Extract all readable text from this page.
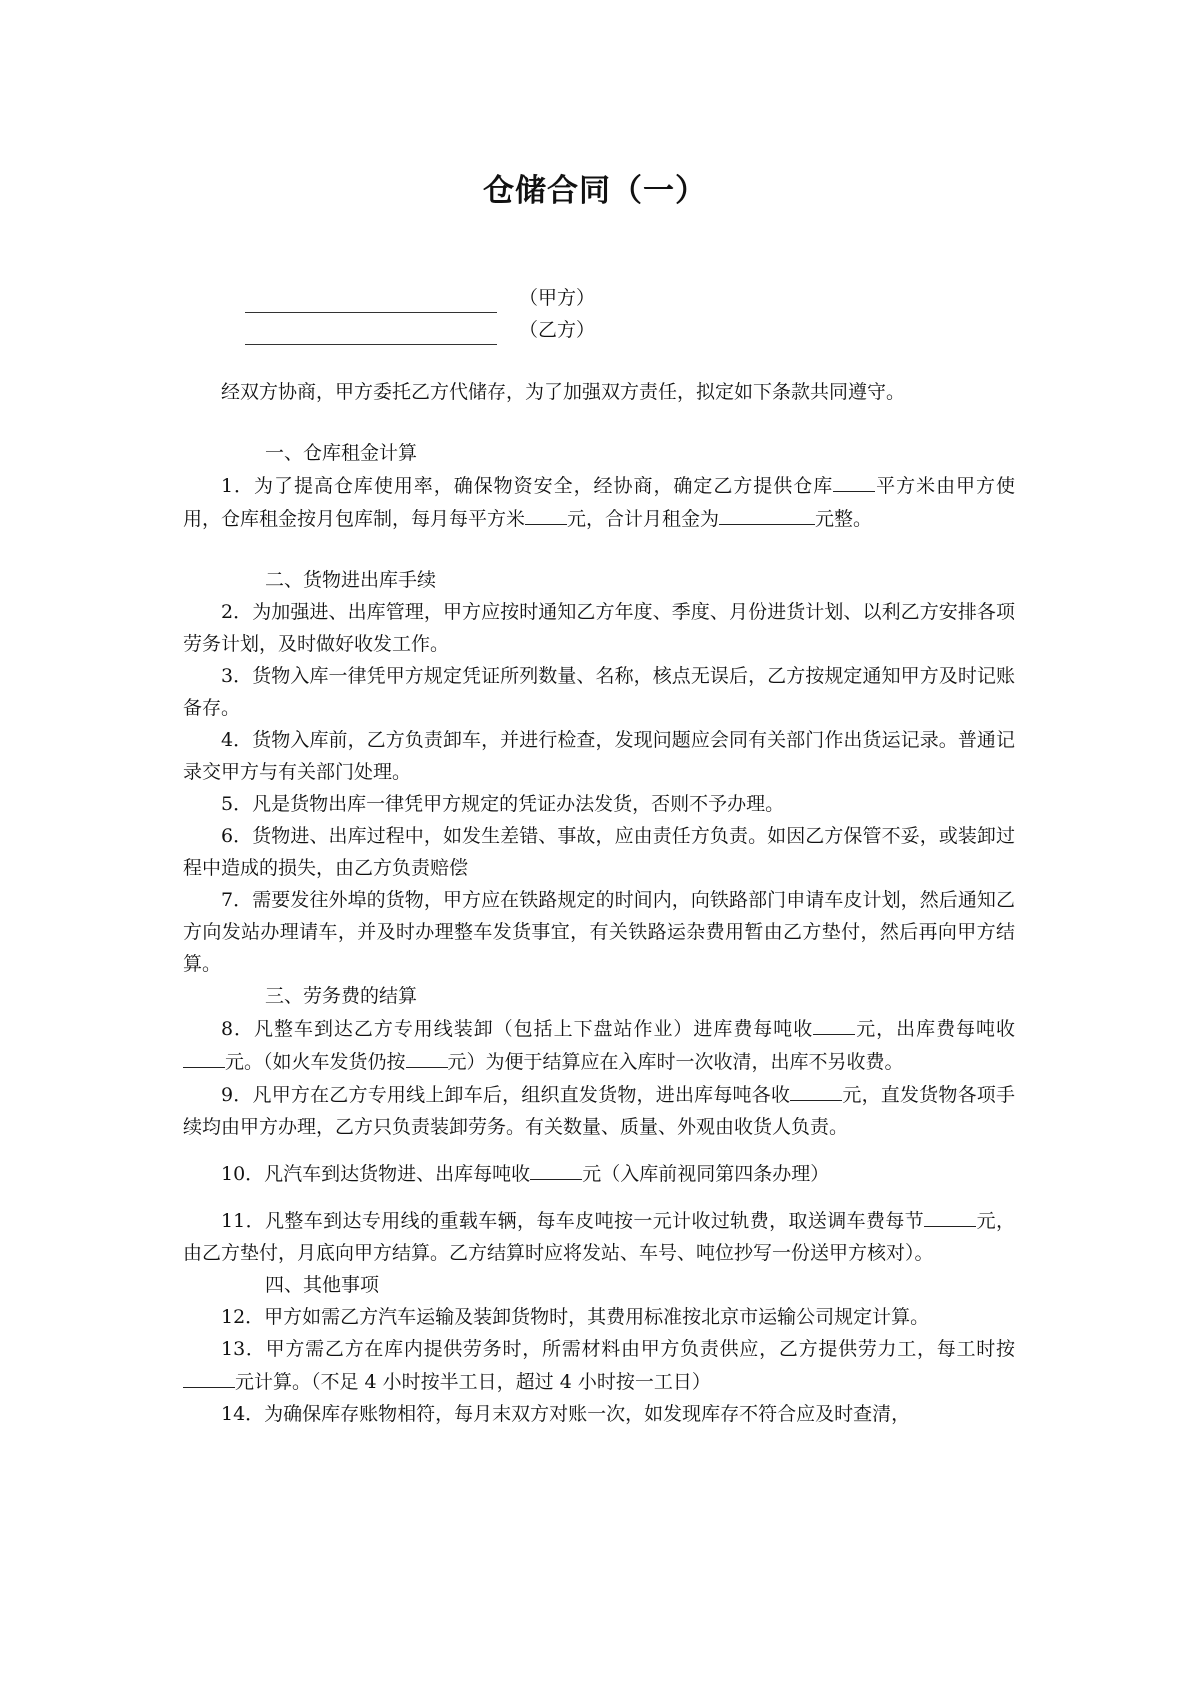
仓储合同（一）
（甲方）
（乙方）

经双方协商，甲方委托乙方代储存，为了加强双方责任，拟定如下条款共同遵守。

一、仓库租金计算

1．为了提高仓库使用率，确保物资安全，经协商，确定乙方提供仓库 平方米由甲方使用，仓库租金按月包库制，每月每平方米 元，合计月租金为	元整。

二、货物进出库手续

2．为加强进、出库管理，甲方应按时通知乙方年度、季度、月份进货计划、以利乙方安排各项劳务计划，及时做好收发工作。

3．货物入库一律凭甲方规定凭证所列数量、名称，核点无误后，乙方按规定通知甲方及时记账备存。

4．货物入库前，乙方负责卸车，并进行检查，发现问题应会同有关部门作出货运记录。普通记录交甲方与有关部门处理。

5．凡是货物出库一律凭甲方规定的凭证办法发货，否则不予办理。

6．货物进、出库过程中，如发生差错、事故，应由责任方负责。如因乙方保管不妥，或装卸过程中造成的损失，由乙方负责赔偿

7．需要发往外埠的货物，甲方应在铁路规定的时间内，向铁路部门申请车皮计划，然后通知乙方向发站办理请车，并及时办理整车发货事宜，有关铁路运杂费用暂由乙方垫付，然后再向甲方结算。

三、劳务费的结算

8．凡整车到达乙方专用线装卸（包括上下盘站作业）进库费每吨收 元，出库费每吨收元。（如火车发货仍按 元）为便于结算应在入库时一次收清，出库不另收费。

9．凡甲方在乙方专用线上卸车后，组织直发货物，进出库每吨各收	元，直发货物各项手续均由甲方办理，乙方只负责装卸劳务。有关数量、质量、外观由收货人负责。

10．凡汽车到达货物进、出库每吨收	元（入库前视同第四条办理）

11．凡整车到达专用线的重载车辆，每车皮吨按一元计收过轨费，取送调车费每节	元，由乙方垫付，月底向甲方结算。乙方结算时应将发站、车号、吨位抄写一份送甲方核对）。

四、其他事项

12．甲方如需乙方汽车运输及装卸货物时，其费用标准按北京市运输公司规定计算。

13．甲方需乙方在库内提供劳务时，所需材料由甲方负责供应，乙方提供劳力工，每工时按元计算。（不足 4 小时按半工日，超过 4 小时按一工日）

14．为确保库存账物相符，每月末双方对账一次，如发现库存不符合应及时查清，
